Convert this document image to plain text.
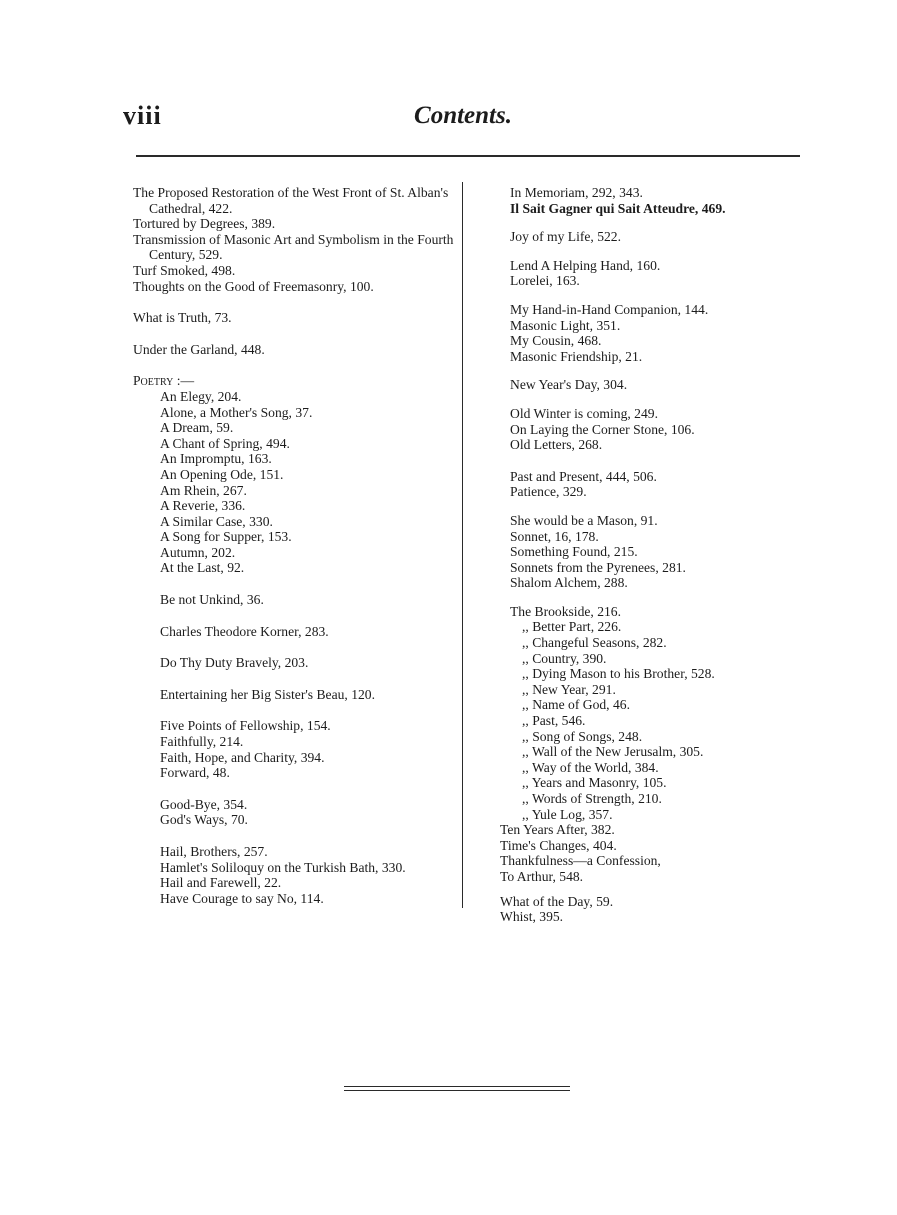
viii	Contents.
The Proposed Restoration of the West Front of St. Alban's Cathedral, 422.
Tortured by Degrees, 389.
Transmission of Masonic Art and Symbolism in the Fourth Century, 529.
Turf Smoked, 498.
Thoughts on the Good of Freemasonry, 100.
What is Truth, 73.
Under the Garland, 448.
Poetry :—
An Elegy, 204.
Alone, a Mother's Song, 37.
A Dream, 59.
A Chant of Spring, 494.
An Impromptu, 163.
An Opening Ode, 151.
Am Rhein, 267.
A Reverie, 336.
A Similar Case, 330.
A Song for Supper, 153.
Autumn, 202.
At the Last, 92.
Be not Unkind, 36.
Charles Theodore Korner, 283.
Do Thy Duty Bravely, 203.
Entertaining her Big Sister's Beau, 120.
Five Points of Fellowship, 154.
Faithfully, 214.
Faith, Hope, and Charity, 394.
Forward, 48.
Good-Bye, 354.
God's Ways, 70.
Hail, Brothers, 257.
Hamlet's Soliloquy on the Turkish Bath, 330.
Hail and Farewell, 22.
Have Courage to say No, 114.
In Memoriam, 292, 343.
Il Sait Gagner qui Sait Atteudre, 469.
Joy of my Life, 522.
Lend A Helping Hand, 160.
Lorelei, 163.
My Hand-in-Hand Companion, 144.
Masonic Light, 351.
My Cousin, 468.
Masonic Friendship, 21.
New Year's Day, 304.
Old Winter is coming, 249.
On Laying the Corner Stone, 106.
Old Letters, 268.
Past and Present, 444, 506.
Patience, 329.
She would be a Mason, 91.
Sonnet, 16, 178.
Something Found, 215.
Sonnets from the Pyrenees, 281.
Shalom Alchem, 288.
The Brookside, 216.
,, Better Part, 226.
,, Changeful Seasons, 282.
,, Country, 390.
,, Dying Mason to his Brother, 528.
,, New Year, 291.
,, Name of God, 46.
,, Past, 546.
,, Song of Songs, 248.
,, Wall of the New Jerusalm, 305.
,, Way of the World, 384.
,, Years and Masonry, 105.
,, Words of Strength, 210.
,, Yule Log, 357.
Ten Years After, 382.
Time's Changes, 404.
Thankfulness—a Confession,
To Arthur, 548.
What of the Day, 59.
Whist, 395.
